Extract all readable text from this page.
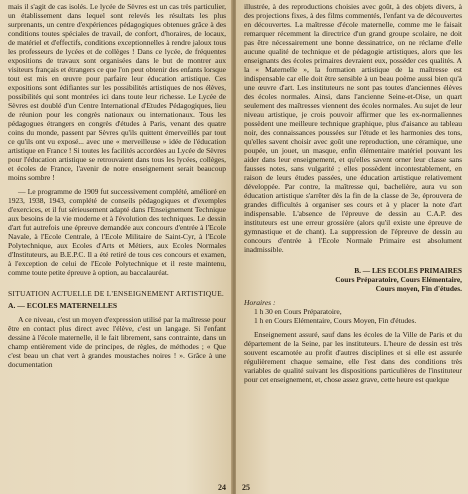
mais il s'agit de cas isolés. Le lycée de Sèvres est un cas très particulier, un établissement dans lequel sont relevés les résultats les plus surprenants, un centre d'expériences pédagogiques obtenues grâce à des conditions toutes spéciales de travail, de confort, d'horaires, de locaux, de matériel et d'effectifs, conditions exceptionnelles à rendre jaloux tous les professeurs de lycées et de collèges ! Dans ce lycée, de fréquentes expositions de travaux sont organisées dans le but de montrer aux visiteurs français et étrangers ce que l'on peut obtenir des enfants lorsque tout est mis en œuvre pour parfaire leur éducation artistique. Ces expositions sont édifiantes sur les possibilités artistiques de nos élèves, possibilités qui sont montrées ici dans toute leur richesse. Le Lycée de Sèvres est doublé d'un Centre International d'Etudes Pédagogiques, lieu de réunion pour les congrès nationaux ou internationaux. Tous les pédagogues étrangers en congrès d'études à Paris, venant des quatre coins du monde, passent par Sèvres qu'ils quittent émerveillés par tout ce qu'ils ont vu exposé... avec une « merveilleuse » idée de l'éducation artistique en France ! Si toutes les facilités accordées au Lycée de Sèvres pour l'éducation artistique se retrouvaient dans tous les lycées, collèges, et écoles de France, l'avenir de notre enseignement serait beaucoup moins sombre !

— Le programme de 1909 fut successivement complété, amélioré en 1923, 1938, 1943, complété de conseils pédagogiques et d'exemples d'exercices, et il fut sérieusement adapté dans l'Enseignement Technique aux besoins de la vie moderne et à l'évolution des techniques. Le dessin d'art fut autrefois une épreuve demandée aux concours d'entrée à l'Ecole Navale, à l'Ecole Centrale, à l'Ecole Militaire de Saint-Cyr, à l'Ecole Polytechnique, aux Ecoles d'Arts et Métiers, aux Ecoles Normales d'Instituteurs, au B.E.P.C. Il a été retiré de tous ces concours et examen, à l'exception de celui de l'Ecole Polytechnique et il reste maintenu, comme toute petite épreuve à option, au baccalauréat.

SITUATION ACTUELLE DE L'ENSEIGNEMENT ARTISTIQUE.
A. — ECOLES MATERNELLES

A ce niveau, c'est un moyen d'expression utilisé par la maîtresse pour être en contact plus direct avec l'élève, c'est un langage. Si l'enfant dessine à l'école maternelle, il le fait librement, sans contrainte, dans un champ entièrement vide de principes, de règles, de méthodes ; « Que c'est beau un chat vert à grandes moustaches noires ! ». Grâce à une documentation

24

illustrée, à des reproductions choisies avec goût, à des objets divers, à des projections fixes, à des films commentés, l'enfant va de découvertes en découvertes. La maîtresse d'école maternelle, comme me le faisait remarquer récemment la directrice d'un grand groupe scolaire, ne doit pas être nécessairement une bonne dessinatrice, on ne réclame d'elle aucune qualité de technique et de pédagogie artistiques, alors que les enseignants des écoles primaires devraient eux, posséder ces qualités. A la « Maternelle », la formation artistique de la maîtresse est indispensable car elle doit être sensible à un beau poème aussi bien qu'à une œuvre d'art. Les instituteurs ne sont pas toutes d'anciennes élèves des écoles normales. Ainsi, dans l'ancienne Seine-et-Oise, un quart seulement des maîtresses viennent des écoles normales. Au sujet de leur niveau artistique, je crois pouvoir affirmer que les ex-normaliennes possèdent une meilleure technique graphique, plus d'aisance au tableau noir, des connaissances poussées sur l'étude et les harmonies des tons, qu'elles savent choisir avec goût une reproduction, une céramique, une poupée, un jouet, un masque, enfin élémentaire matériel pouvant les aider dans leur enseignement, et qu'elles savent orner leur classe sans fausses notes, sans vulgarité ; elles possèdent incontestablement, en raison de leurs études passées, une éducation artistique relativement développée. Par contre, la maîtresse qui, bachelière, aura vu son éducation artistique s'arrêter dès la fin de la classe de 3e, éprouvera de grandes difficultés à organiser ses cours et à y placer la note d'art indispensable. L'absence de l'épreuve de dessin au C.A.P. des instituteurs est une erreur grossière (alors qu'il existe une épreuve de gymnastique et de chant). La suppression de l'épreuve de dessin au concours d'entrée à l'Ecole Normale Primaire est absolument inadmissible.

B. — LES ECOLES PRIMAIRES
Cours Préparatoire, Cours Elémentaire,
Cours moyen, Fin d'études.
Horaires :

1 h 30 en Cours Préparatoire,

1 h en Cours Elémentaire, Cours Moyen, Fin d'études.

Enseignement assuré, sauf dans les écoles de la Ville de Paris et du département de la Seine, par les instituteurs. L'heure de dessin est très souvent escamotée au profit d'autres disciplines et si elle est assurée régulièrement chaque semaine, elle l'est dans des conditions très variables de qualité suivant les dispositions particulières de l'instituteur pour cet enseignement, et, chose assez grave, cette heure est quelque

25
